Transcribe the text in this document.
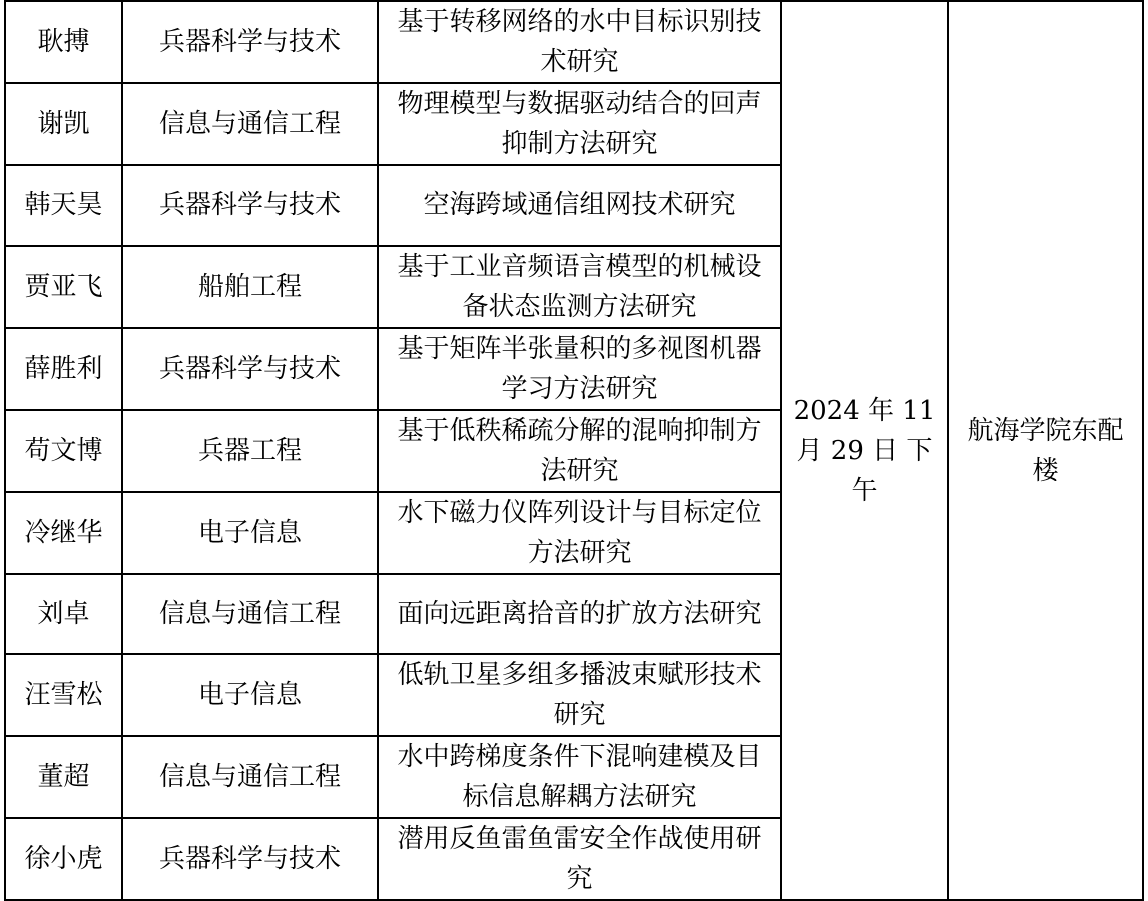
耿搏	兵器科学与技术	基于转移网络的水中目标识别技术研究	2024 年 11 月 29 日 下午	航海学院东配楼
谢凯	信息与通信工程	物理模型与数据驱动结合的回声抑制方法研究		
韩天昊	兵器科学与技术	空海跨域通信组网技术研究		
贾亚飞	船舶工程	基于工业音频语言模型的机械设备状态监测方法研究		
薛胜利	兵器科学与技术	基于矩阵半张量积的多视图机器学习方法研究		
苟文博	兵器工程	基于低秩稀疏分解的混响抑制方法研究		
冷继华	电子信息	水下磁力仪阵列设计与目标定位方法研究		
刘卓	信息与通信工程	面向远距离拾音的扩放方法研究		
汪雪松	电子信息	低轨卫星多组多播波束赋形技术研究		
董超	信息与通信工程	水中跨梯度条件下混响建模及目标信息解耦方法研究		
徐小虎	兵器科学与技术	潜用反鱼雷鱼雷安全作战使用研究		
